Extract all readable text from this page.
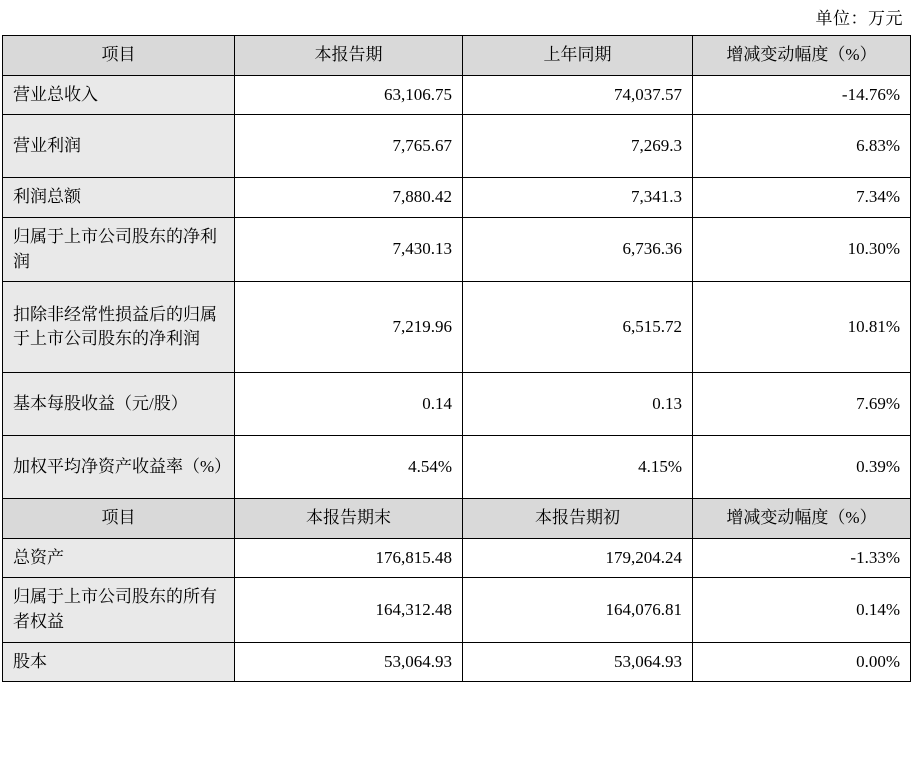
单位：万元
项目	本报告期	上年同期	增减变动幅度（%）
营业总收入	63,106.75	74,037.57	-14.76%
营业利润	7,765.67	7,269.3	6.83%
利润总额	7,880.42	7,341.3	7.34%
归属于上市公司股东的净利润	7,430.13	6,736.36	10.30%
扣除非经常性损益后的归属于上市公司股东的净利润	7,219.96	6,515.72	10.81%
基本每股收益（元/股）	0.14	0.13	7.69%
加权平均净资产收益率（%）	4.54%	4.15%	0.39%
项目	本报告期末	本报告期初	增减变动幅度（%）
总资产	176,815.48	179,204.24	-1.33%
归属于上市公司股东的所有者权益	164,312.48	164,076.81	0.14%
股本	53,064.93	53,064.93	0.00%
